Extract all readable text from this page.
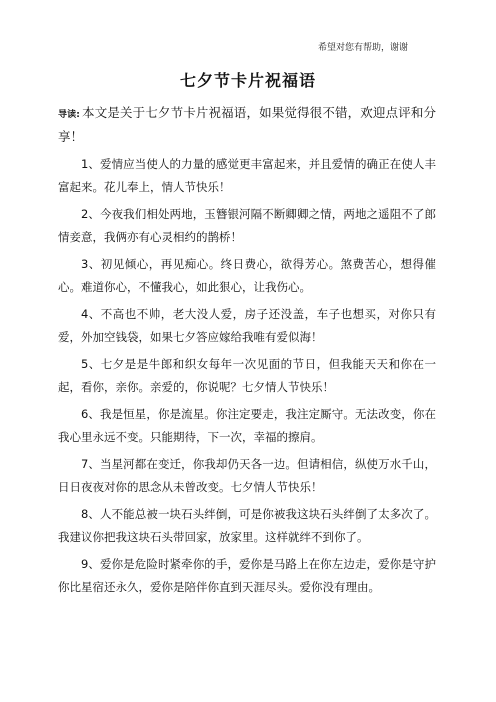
希望对您有帮助，谢谢
七夕节卡片祝福语

导读: 本文是关于七夕节卡片祝福语，如果觉得很不错，欢迎点评和分享！

1、爱情应当使人的力量的感觉更丰富起来，并且爱情的确正在使人丰富起来。花儿奉上，情人节快乐！

2、今夜我们相处两地，玉簪银河隔不断卿卿之情，两地之遥阻不了郎情妾意，我俩亦有心灵相约的鹊桥！

3、初见倾心，再见痴心。终日费心，欲得芳心。煞费苦心，想得催心。难道你心，不懂我心，如此狠心，让我伤心。

4、不高也不帅，老大没人爱，房子还没盖，车子也想买，对你只有爱，外加空钱袋，如果七夕答应嫁给我唯有爱似海！

5、七夕是是牛郎和织女每年一次见面的节日，但我能天天和你在一起，看你，亲你。亲爱的，你说呢？七夕情人节快乐！

6、我是恒星，你是流星。你注定要走，我注定厮守。无法改变，你在我心里永远不变。只能期待，下一次，幸福的擦肩。

7、当星河都在变迁，你我却仍天各一边。但请相信，纵使万水千山，日日夜夜对你的思念从未曾改变。七夕情人节快乐！

8、人不能总被一块石头绊倒，可是你被我这块石头绊倒了太多次了。我建议你把我这块石头带回家，放家里。这样就绊不到你了。

9、爱你是危险时紧牵你的手，爱你是马路上在你左边走，爱你是守护你比星宿还永久，爱你是陪伴你直到天涯尽头。爱你没有理由。
